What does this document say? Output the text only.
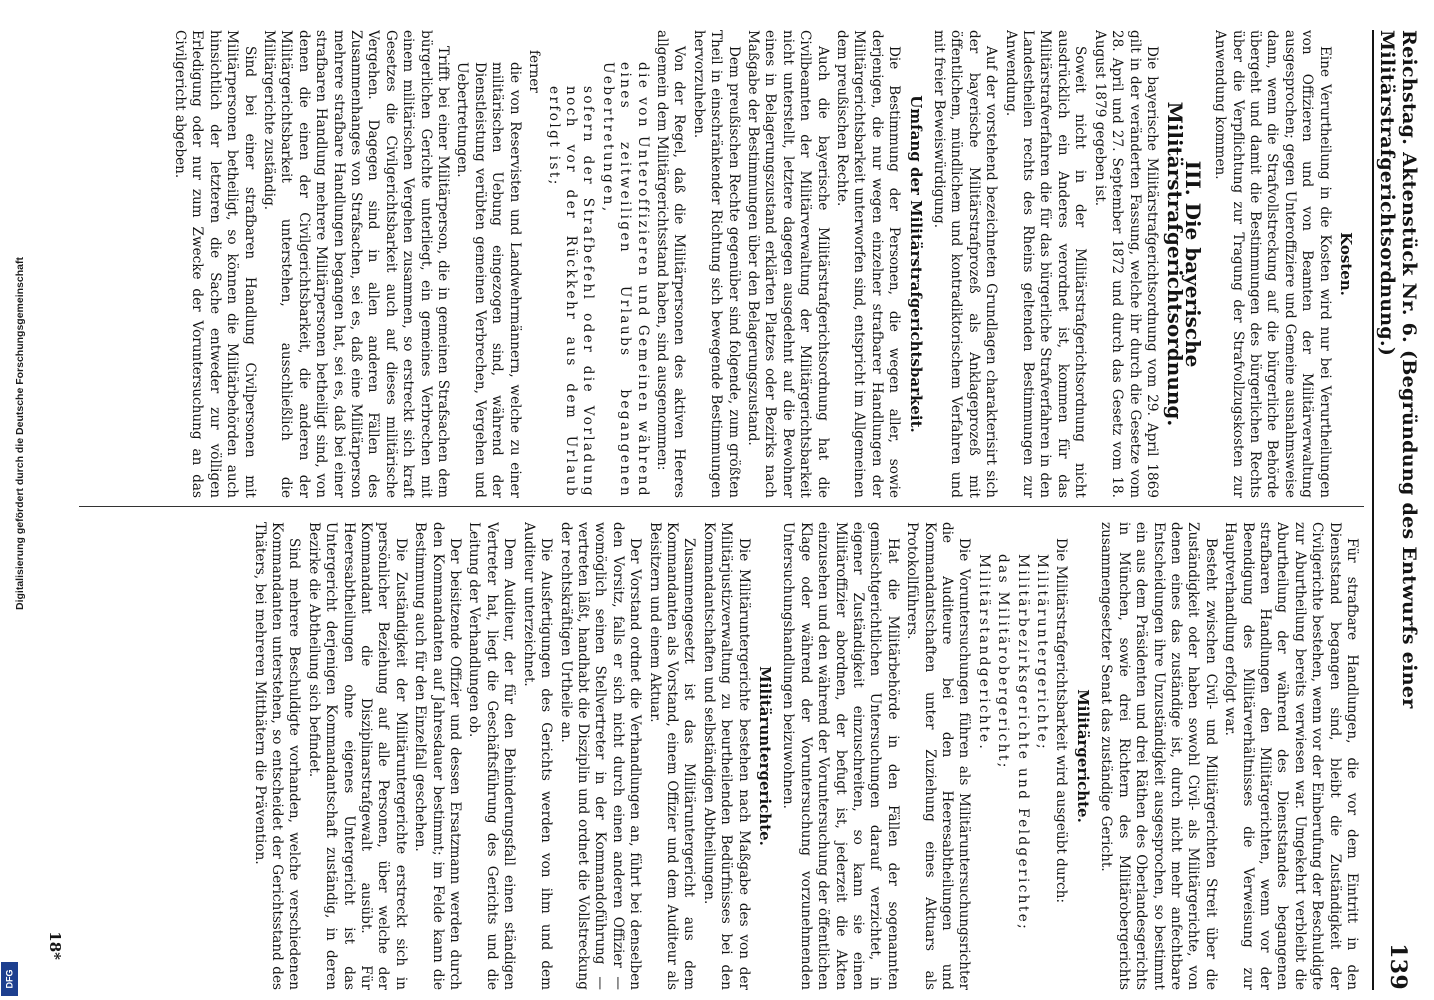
Reichstag. Aktenstück Nr. 6. (Begründung des Entwurfs einer Militärstrafgerichtsordnung.)
139
Kosten.

Eine Verurtheilung in die Kosten wird nur bei Verurtheilungen von Offizieren und von Beamten der Militärverwaltung ausgesprochen; gegen Unteroffiziere und Gemeine ausnahmsweise dann, wenn die Strafvollstreckung auf die bürgerliche Behörde übergeht und damit die Bestimmungen des bürgerlichen Rechts über die Verpflichtung zur Tragung der Strafvollzugskosten zur Anwendung kommen.

III. Die bayerische Militärstrafgerichtsordnung.

Die bayerische Militärstrafgerichtsordnung vom 29. April 1869 gilt in der veränderten Fassung, welche ihr durch die Gesetze vom 28. April und 27. September 1872 und durch das Gesetz vom 18. August 1879 gegeben ist.

Soweit nicht in der Militärstrafgerichtsordnung nicht ausdrücklich ein Anderes verordnet ist, kommen für das Militärstrafverfahren die für das bürgerliche Strafverfahren in den Landestheilen rechts des Rheins geltenden Bestimmungen zur Anwendung.

Auf der vorstehend bezeichneten Grundlagen charakterisirt sich der bayerische Militärstrafprozeß als Anklageprozeß mit öffentlichem, mündlichem und kontradiktorischem Verfahren und mit freier Beweiswürdigung.

Umfang der Militärstrafgerichtsbarkeit.

Die Bestimmung der Personen, die wegen aller, sowie derjenigen, die nur wegen einzelner strafbarer Handlungen der Militärgerichtsbarkeit unterworfen sind, entspricht im Allgemeinen dem preußischen Rechte.

Auch die bayerische Militärstrafgerichtsordnung hat die Civilbeamten der Militärverwaltung der Militärgerichtsbarkeit nicht unterstellt, letztere dagegen ausgedehnt auf die Bewohner eines in Belagerungszustand erklärten Platzes oder Bezirks nach Maßgabe der Bestimmungen über den Belagerungszustand.

Dem preußischen Rechte gegenüber sind folgende, zum größten Theil in einschränkender Richtung sich bewegende Bestimmungen hervorzuheben.

Von der Regel, daß die Militärpersonen des aktiven Heeres allgemein dem Militärgerichtsstand haben, sind ausgenommen:

die von Unteroffizieren und Gemeinen während eines zeitweiligen Urlaubs begangenen Uebertretungen,

sofern der Strafbefehl oder die Vorladung noch vor der Rückkehr aus dem Urlaub erfolgt ist;

ferner

die von Reservisten und Landwehrmännern, welche zu einer militärischen Uebung eingezogen sind, während der Dienstleistung verübten gemeinen Verbrechen, Vergehen und Uebertretungen.

Trifft bei einer Militärperson, die in gemeinen Strafsachen dem bürgerlichen Gerichte unterliegt, ein gemeines Verbrechen mit einem militärischen Vergehen zusammen, so erstreckt sich kraft Gesetzes die Civilgerichtsbarkeit auch auf dieses militärische Vergehen. Dagegen sind in allen anderen Fällen des Zusammenhanges von Strafsachen, sei es, daß eine Militärperson mehrere strafbare Handlungen begangen hat, sei es, daß bei einer strafbaren Handlung mehrere Militärpersonen betheiligt sind, von denen die einen der Civilgerichtsbarkeit, die anderen der Militärgerichtsbarkeit unterstehen, ausschließlich die Militärgerichte zuständig.

Sind bei einer strafbaren Handlung Civilpersonen mit Militärpersonen betheiligt, so können die Militärbehörden auch hinsichtlich der letzteren die Sache entweder zur völligen Erledigung oder nur zum Zwecke der Voruntersuchung an das Civilgericht abgeben.

Für strafbare Handlungen, die vor dem Eintritt in den Dienststand begangen sind, bleibt die Zuständigkeit der Civilgerichte bestehen, wenn vor der Einberufung der Beschuldigte zur Aburtheilung bereits verwiesen war. Umgekehrt verbleibt die Aburtheilung der während des Dienststandes begangenen strafbaren Handlungen den Militärgerichten, wenn vor der Beendigung des Militärverhältnisses die Verweisung zur Hauptverhandlung erfolgt war.

Besteht zwischen Civil- und Militärgerichten Streit über die Zuständigkeit oder haben sowohl Civil- als Militärgerichte, von denen eines das zuständige ist, durch nicht mehr anfechtbare Entscheidungen ihre Unzuständigkeit ausgesprochen, so bestimmt ein aus dem Präsidenten und drei Räthen des Oberlandesgerichts in München, sowie drei Richtern des Militärobergerichts zusammengesetzter Senat das zuständige Gericht.

Militärgerichte.

Die Militärstrafgerichtsbarkeit wird ausgeübt durch:

Militäruntergerichte;

Militärbezirksgerichte und Feldgerichte;

das Militärobergericht;

Militärstandgerichte.

Die Voruntersuchungen führen als Militäruntersuchungsrichter die Auditeure bei den Heeresabtheilungen und Kommandantschaften unter Zuziehung eines Aktuars als Protokollführers.

Hat die Militärbehörde in den Fällen der sogenannten gemischtgerichtlichen Untersuchungen darauf verzichtet, in eigener Zuständigkeit einzuschreiten, so kann sie einen Militäroffizier abordnen, der befugt ist, jederzeit die Akten einzusehen und den während der Voruntersuchung der öffentlichen Klage oder während der Voruntersuchung vorzunehmenden Untersuchungshandlungen beizuwohnen.

Militäruntergerichte.

Die Militäruntergerichte bestehen nach Maßgabe des von der Militärjustizverwaltung zu beurtheilenden Bedürfnisses bei den Kommandantschaften und selbständigen Abtheilungen.

Zusammengesetzt ist das Militäruntergericht aus dem Kommandanten als Vorstand, einem Offizier und dem Auditeur als Beisitzern und einem Aktuar.

Der Vorstand ordnet die Verhandlungen an, führt bei denselben den Vorsitz, falls er sich nicht durch einen anderen Offizier — womöglich seinen Stellvertreter in der Kommandoführung — vertreten läßt, handhabt die Disziplin und ordnet die Vollstreckung der rechtskräftigen Urtheile an.

Die Ausfertigungen des Gerichts werden von ihm und dem Auditeur unterzeichnet.

Dem Auditeur, der für den Behinderungsfall einen ständigen Vertreter hat, liegt die Geschäftsführung des Gerichts und die Leitung der Verhandlungen ob.

Der beisitzende Offizier und dessen Ersatzmann werden durch den Kommandanten auf Jahresdauer bestimmt; im Felde kann die Bestimmung auch für den Einzelfall geschehen.

Die Zuständigkeit der Militäruntergerichte erstreckt sich in persönlicher Beziehung auf alle Personen, über welche der Kommandant die Disziplinarstrafgewalt ausübt. Für Heeresabtheilungen ohne eigenes Untergericht ist das Untergericht derjenigen Kommandantschaft zuständig, in deren Bezirke die Abtheilung sich befindet.

Sind mehrere Beschuldigte vorhanden, welche verschiedenen Kommandanten unterstehen, so entscheidet der Gerichtsstand des Thäters, bei mehreren Mitthätern die Prävention.

18*
Digitalisierung gefördert durch die Deutsche Forschungsgemeinschaft
DFG
